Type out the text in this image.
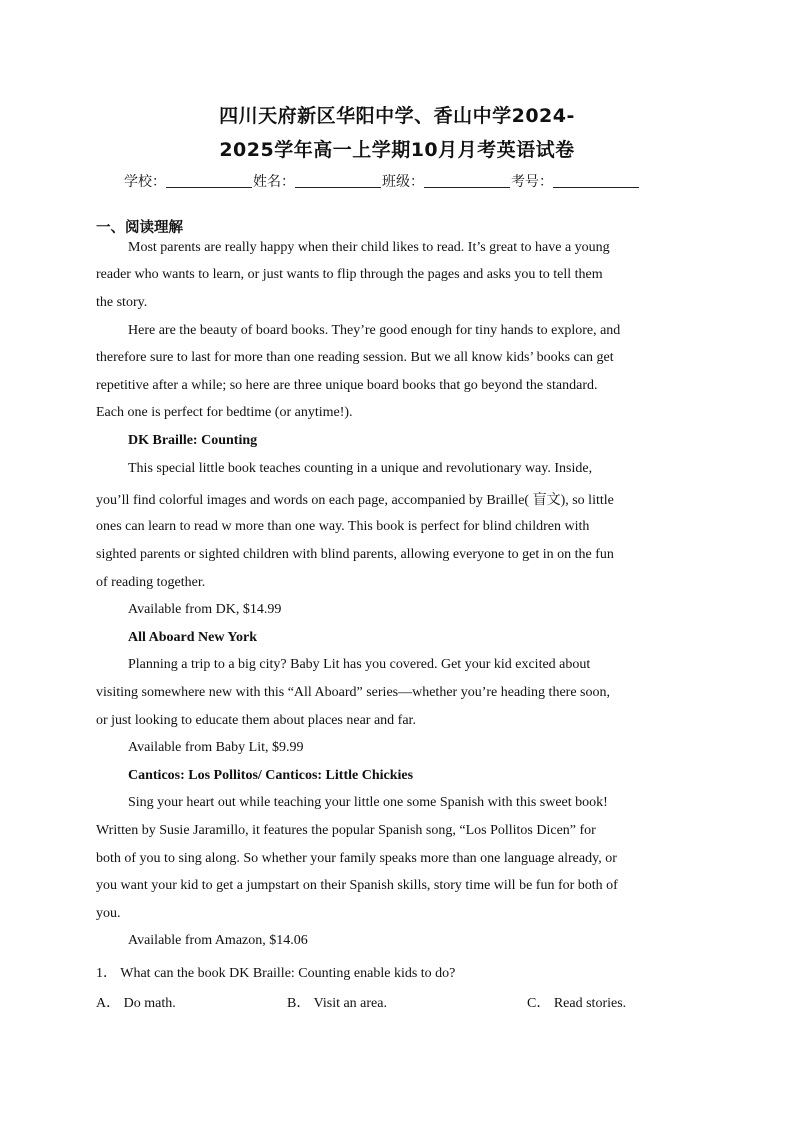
四川天府新区华阳中学、香山中学2024-
2025学年高一上学期10月月考英语试卷
学校：	姓名：	班级：	考号：
一、阅读理解
Most parents are really happy when their child likes to read. It’s great to have a young
reader who wants to learn, or just wants to flip through the pages and asks you to tell them
the story.
Here are the beauty of board books. They’re good enough for tiny hands to explore, and
therefore sure to last for more than one reading session. But we all know kids’ books can get
repetitive after a while; so here are three unique board books that go beyond the standard.
Each one is perfect for bedtime (or anytime!).
DK Braille: Counting
This special little book teaches counting in a unique and revolutionary way. Inside,
you’ll find colorful images and words on each page, accompanied by Braille( 盲文), so little
ones can learn to read w more than one way. This book is perfect for blind children with
sighted parents or sighted children with blind parents, allowing everyone to get in on the fun
of reading together.
Available from DK, $14.99
All Aboard New York
Planning a trip to a big city? Baby Lit has you covered. Get your kid excited about
visiting somewhere new with this “All Aboard” series—whether you’re heading there soon,
or just looking to educate them about places near and far.
Available from Baby Lit, $9.99
Canticos: Los Pollitos/ Canticos: Little Chickies
Sing your heart out while teaching your little one some Spanish with this sweet book!
Written by Susie Jaramillo, it features the popular Spanish song, “Los Pollitos Dicen” for
both of you to sing along. So whether your family speaks more than one language already, or
you want your kid to get a jumpstart on their Spanish skills, story time will be fun for both of
you.
Available from Amazon, $14.06
1． What can the book DK Braille: Counting enable kids to do?
A． Do math.	B． Visit an area.	C． Read stories.
